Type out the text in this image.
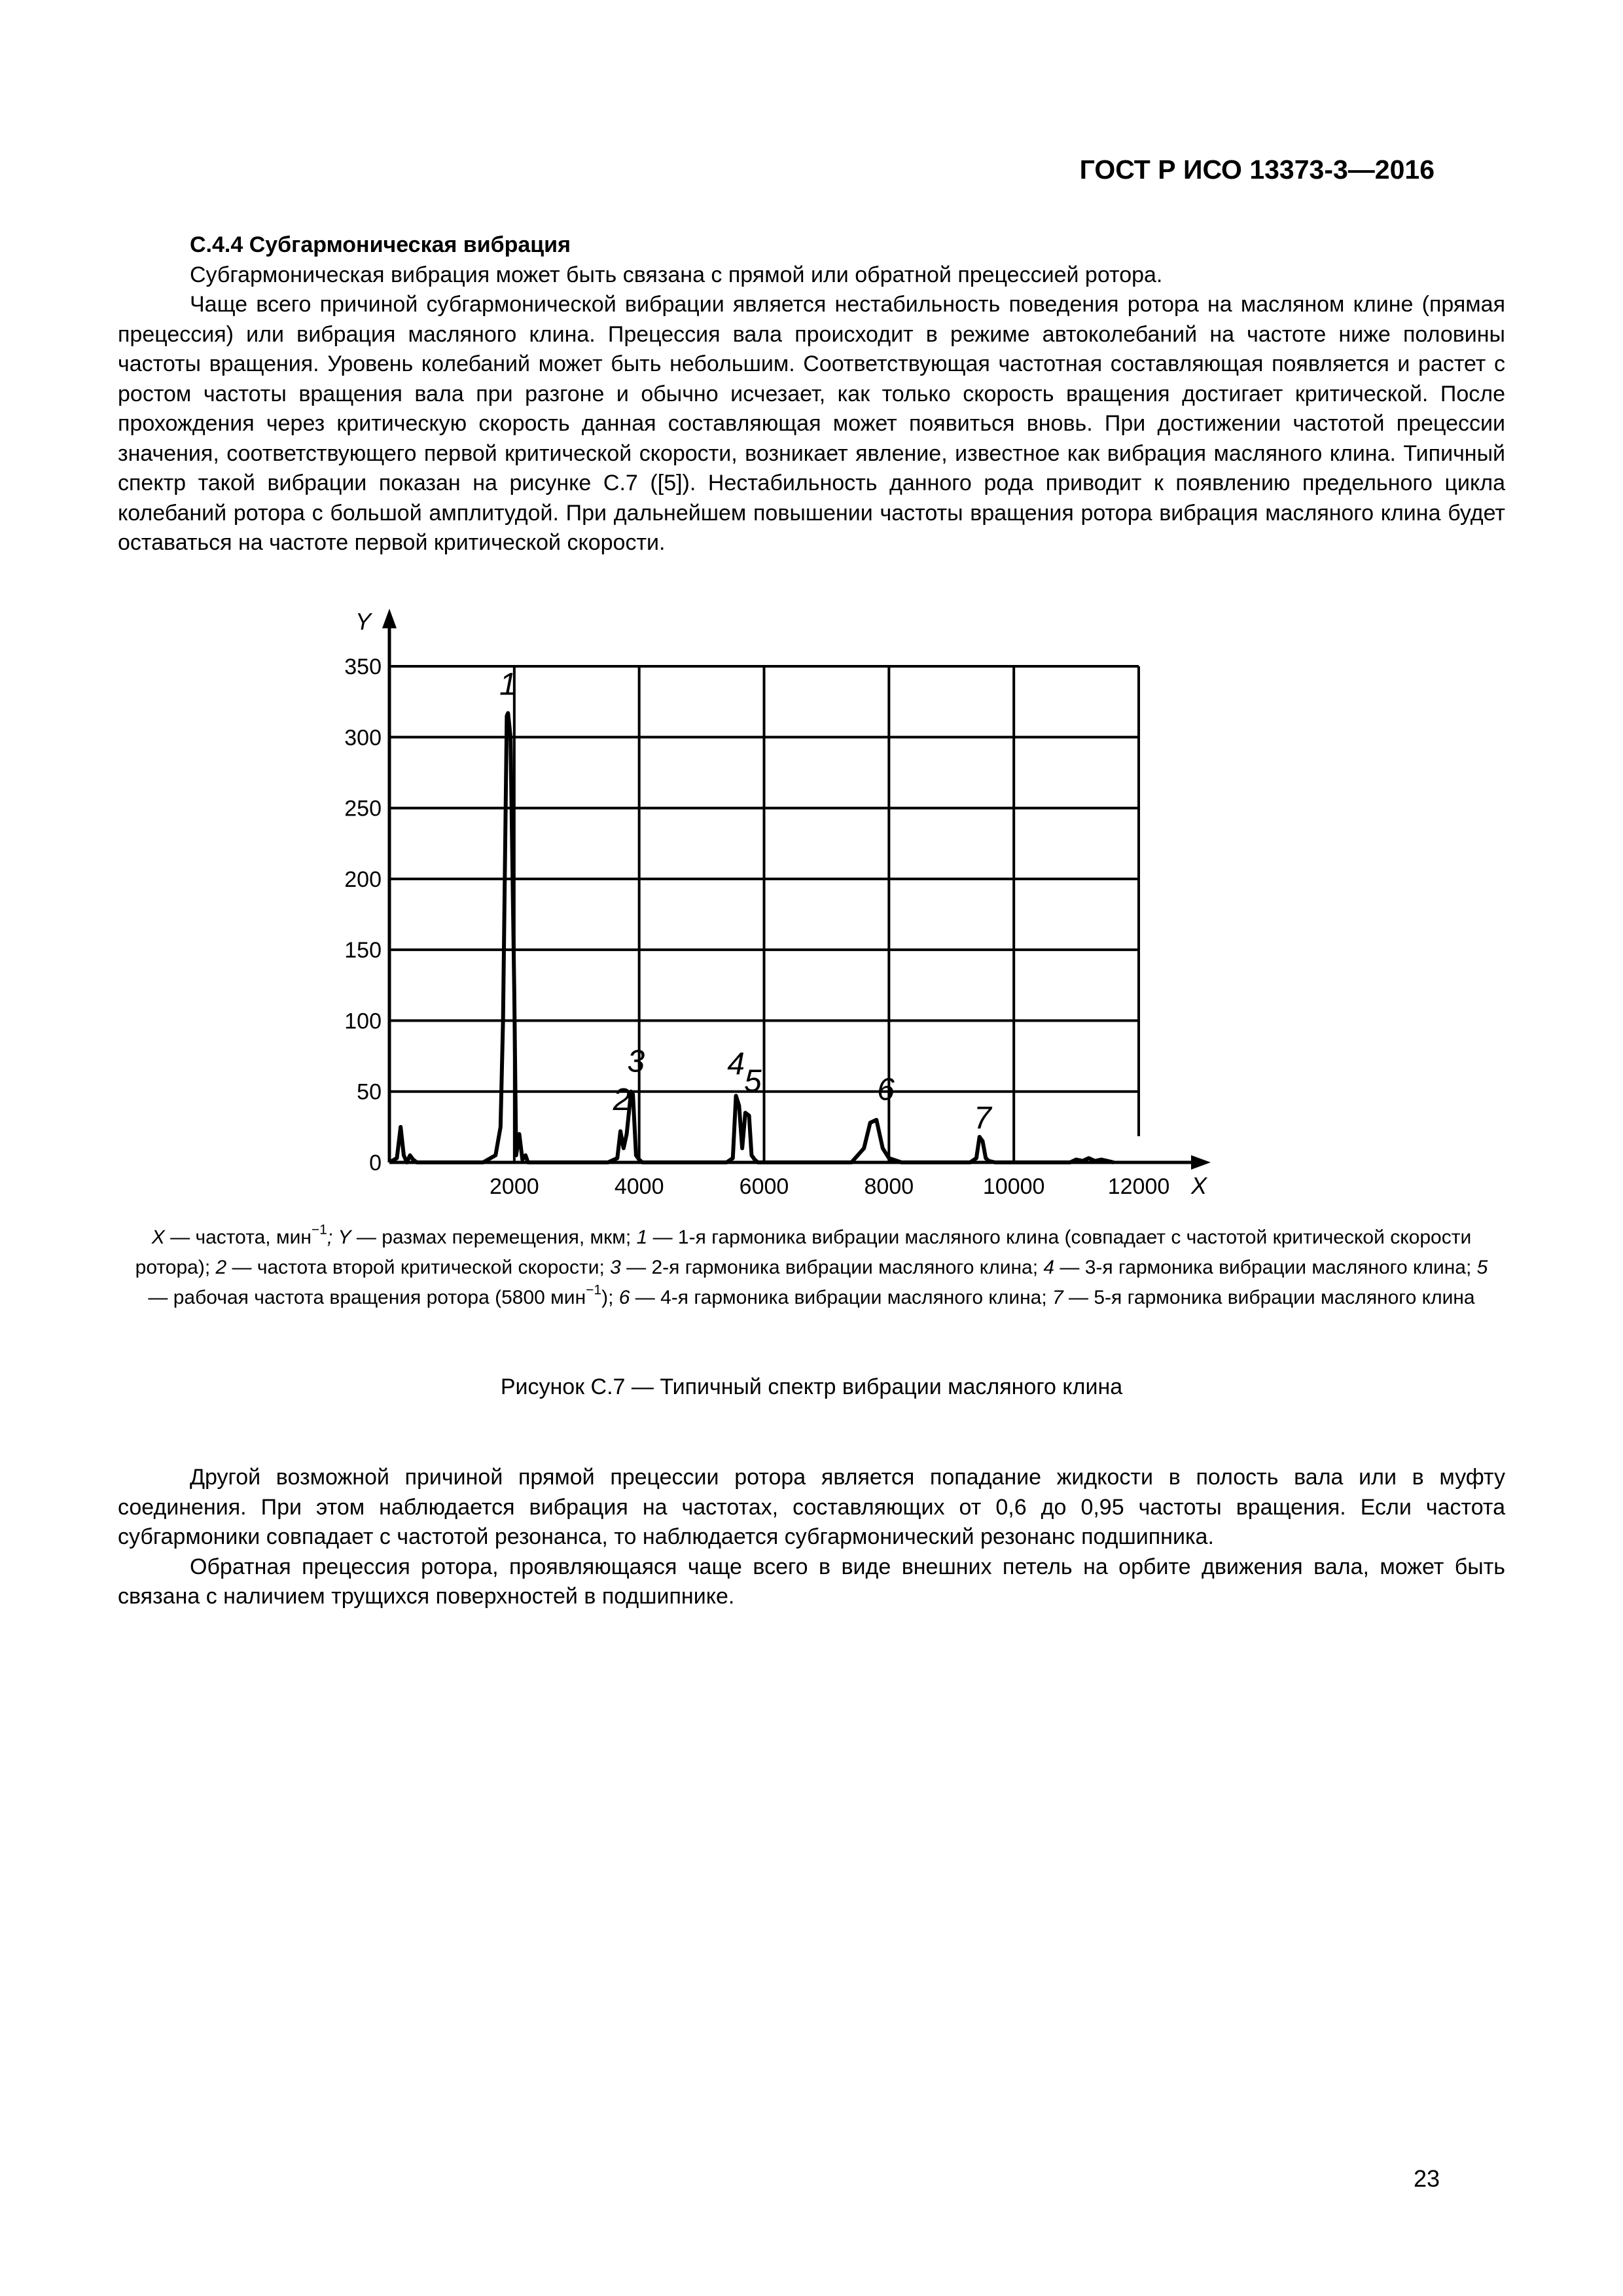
ГОСТ Р ИСО 13373-3—2016
С.4.4 Субгармоническая вибрация

Субгармоническая вибрация может быть связана с прямой или обратной прецессией ротора.

Чаще всего причиной субгармонической вибрации является нестабильность поведения ротора на масляном клине (прямая прецессия) или вибрация масляного клина. Прецессия вала происходит в режиме автоколебаний на частоте ниже половины частоты вращения. Уровень колебаний может быть небольшим. Соответствующая частотная составляющая появляется и растет с ростом частоты вращения вала при разгоне и обычно исчезает, как только скорость вращения достигает критической. После прохождения через критическую скорость данная составляющая может появиться вновь. При достижении частотой прецессии значения, соответствующего первой критической скорости, возникает явление, известное как вибрация масляного клина. Типичный спектр такой вибрации показан на рисунке С.7 ([5]). Нестабильность данного рода приводит к появлению предельного цикла колебаний ротора с большой амплитудой. При дальнейшем повышении частоты вращения ротора вибрация масляного клина будет оставаться на частоте первой критической скорости.

0
50
100
150
200
250
300
350
2000	4000	6000	8000	10000	12000
Y
X
1
2
3	4 5	6
7
X — частота, мин$^{-1}$; Y — размах перемещения, мкм; 1 — 1-я гармоника вибрации масляного клина (совпадает с частотой критической скорости ротора); 2 — частота второй критической скорости; 3 — 2-я гармоника вибрации масляного клина; 4 — 3-я гармоника вибрации масляного клина; 5 — рабочая частота вращения ротора (5800 мин$^{-1}$); 6 — 4-я гармоника вибрации масляного клина; 7 — 5-я гармоника вибрации масляного клина
Рисунок С.7 — Типичный спектр вибрации масляного клина

Другой возможной причиной прямой прецессии ротора является попадание жидкости в полость вала или в муфту соединения. При этом наблюдается вибрация на частотах, составляющих от 0,6 до 0,95 частоты вращения. Если частота субгармоники совпадает с частотой резонанса, то наблюдается субгармонический резонанс подшипника.

Обратная прецессия ротора, проявляющаяся чаще всего в виде внешних петель на орбите движения вала, может быть связана с наличием трущихся поверхностей в подшипнике.

23
